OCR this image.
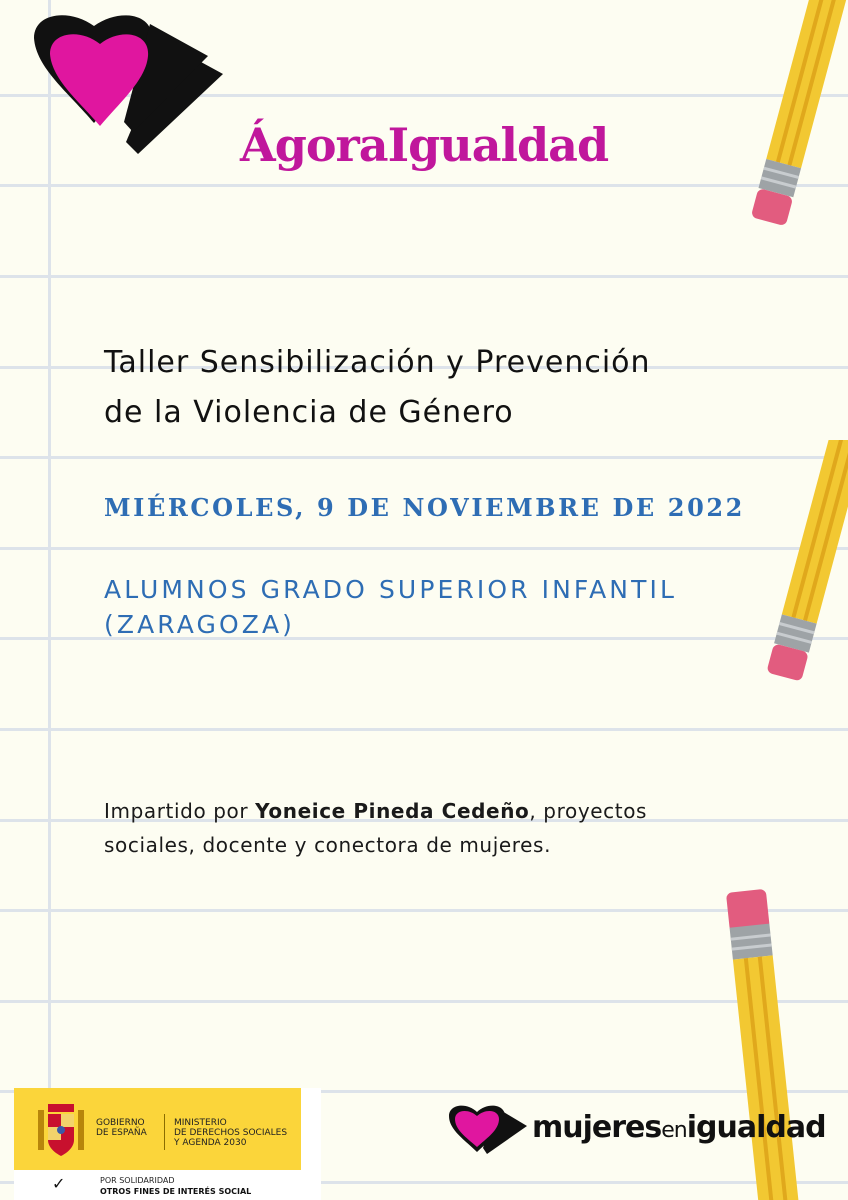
ÁgoraIgualdad
Taller Sensibilización y Prevención
de la Violencia de Género
MIÉRCOLES, 9 DE NOVIEMBRE DE 2022
ALUMNOS GRADO SUPERIOR INFANTIL
(ZARAGOZA)
Impartido por Yoneice Pineda Cedeño, proyectos
sociales, docente y conectora de mujeres.
GOBIERNO
DE ESPAÑA
MINISTERIO
DE DERECHOS SOCIALES
Y AGENDA 2030
✓	POR SOLIDARIDAD
OTROS FINES DE INTERÉS SOCIAL
mujeresenigualdad
